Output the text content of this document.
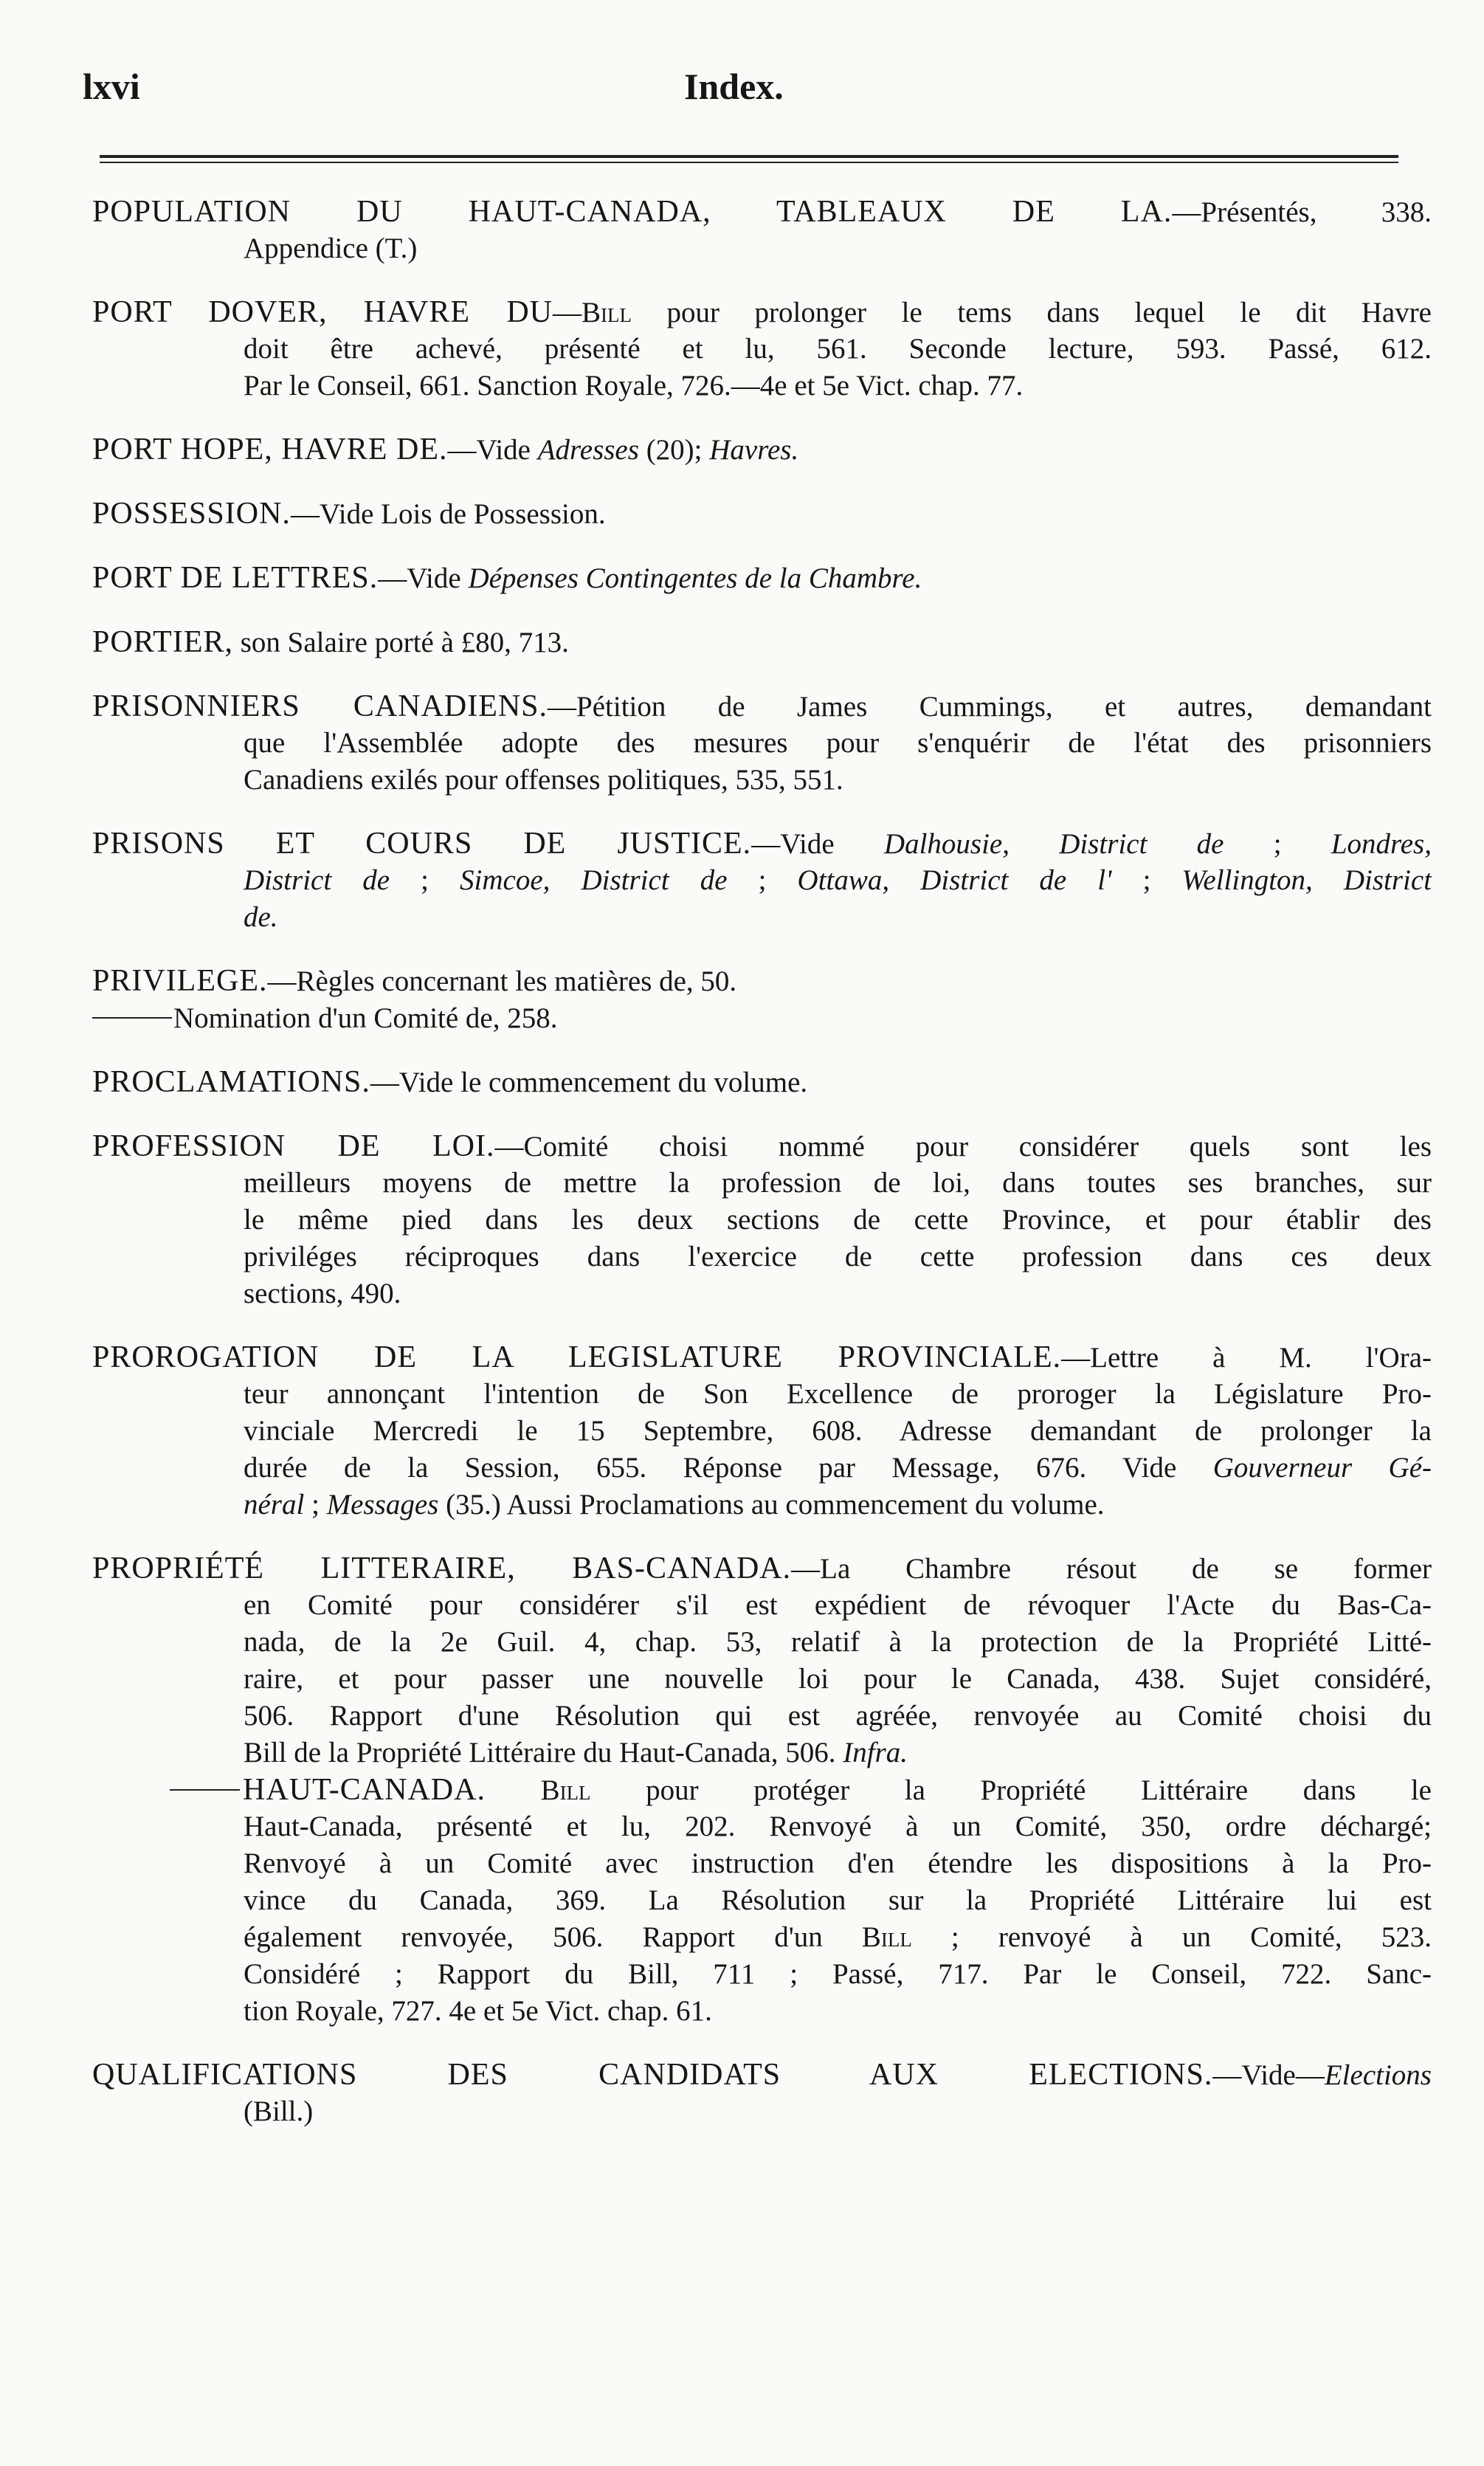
lxvi	Index.
POPULATION DU HAUT-CANADA, TABLEAUX DE LA.—Présentés, 338.
Appendice (T.)
PORT DOVER, HAVRE DU—Bill pour prolonger le tems dans lequel le dit Havre
doit être achevé, présenté et lu, 561. Seconde lecture, 593. Passé, 612.
Par le Conseil, 661. Sanction Royale, 726.—4e et 5e Vict. chap. 77.
PORT HOPE, HAVRE DE.—Vide Adresses (20); Havres.
POSSESSION.—Vide Lois de Possession.
PORT DE LETTRES.—Vide Dépenses Contingentes de la Chambre.
PORTIER, son Salaire porté à £80, 713.
PRISONNIERS CANADIENS.—Pétition de James Cummings, et autres, demandant
que l'Assemblée adopte des mesures pour s'enquérir de l'état des prisonniers
Canadiens exilés pour offenses politiques, 535, 551.
PRISONS ET COURS DE JUSTICE.—Vide Dalhousie, District de ; Londres,
District de ; Simcoe, District de ; Ottawa, District de l' ; Wellington, District
de.
PRIVILEGE.—Règles concernant les matières de, 50.
Nomination d'un Comité de, 258.
PROCLAMATIONS.—Vide le commencement du volume.
PROFESSION DE LOI.—Comité choisi nommé pour considérer quels sont les
meilleurs moyens de mettre la profession de loi, dans toutes ses branches, sur
le même pied dans les deux sections de cette Province, et pour établir des
priviléges réciproques dans l'exercice de cette profession dans ces deux
sections, 490.
PROROGATION DE LA LEGISLATURE PROVINCIALE.—Lettre à M. l'Ora-
teur annonçant l'intention de Son Excellence de proroger la Législature Pro-
vinciale Mercredi le 15 Septembre, 608. Adresse demandant de prolonger la
durée de la Session, 655. Réponse par Message, 676. Vide Gouverneur Gé-
néral ; Messages (35.) Aussi Proclamations au commencement du volume.
PROPRIÉTÉ LITTERAIRE, BAS-CANADA.—La Chambre résout de se former
en Comité pour considérer s'il est expédient de révoquer l'Acte du Bas-Ca-
nada, de la 2e Guil. 4, chap. 53, relatif à la protection de la Propriété Litté-
raire, et pour passer une nouvelle loi pour le Canada, 438. Sujet considéré,
506. Rapport d'une Résolution qui est agréée, renvoyée au Comité choisi du
Bill de la Propriété Littéraire du Haut-Canada, 506. Infra.
HAUT-CANADA. Bill pour protéger la Propriété Littéraire dans le
Haut-Canada, présenté et lu, 202. Renvoyé à un Comité, 350, ordre déchargé;
Renvoyé à un Comité avec instruction d'en étendre les dispositions à la Pro-
vince du Canada, 369. La Résolution sur la Propriété Littéraire lui est
également renvoyée, 506. Rapport d'un Bill ; renvoyé à un Comité, 523.
Considéré ; Rapport du Bill, 711 ; Passé, 717. Par le Conseil, 722. Sanc-
tion Royale, 727. 4e et 5e Vict. chap. 61.
QUALIFICATIONS DES CANDIDATS AUX ELECTIONS.—Vide—Elections
(Bill.)
